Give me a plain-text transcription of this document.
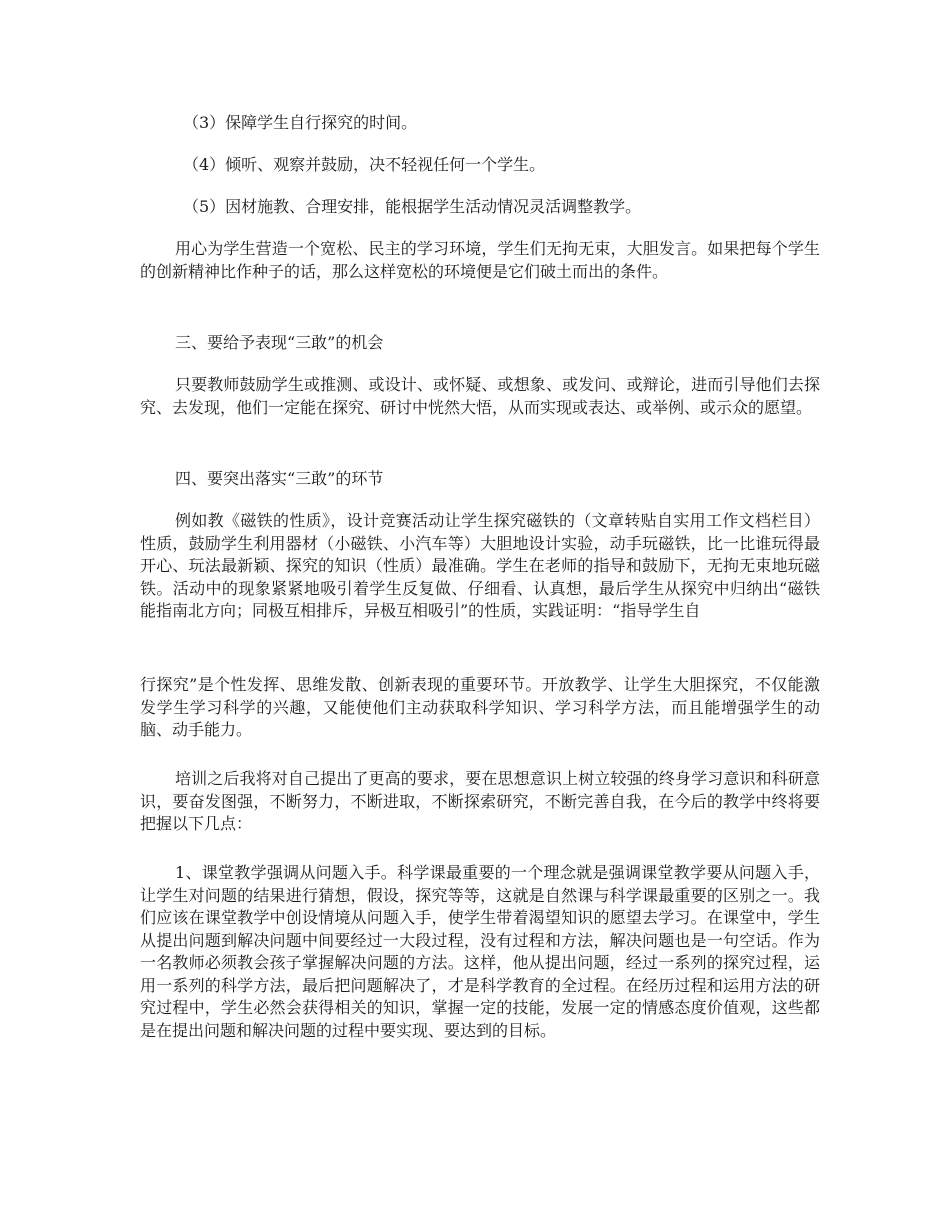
（3）保障学生自行探究的时间。

（4）倾听、观察并鼓励，决不轻视任何一个学生。

（5）因材施教、合理安排，能根据学生活动情况灵活调整教学。

用心为学生营造一个宽松、民主的学习环境，学生们无拘无束，大胆发言。如果把每个学生的创新精神比作种子的话，那么这样宽松的环境便是它们破土而出的条件。

三、要给予表现“三敢”的机会

只要教师鼓励学生或推测、或设计、或怀疑、或想象、或发问、或辩论，进而引导他们去探究、去发现，他们一定能在探究、研讨中恍然大悟，从而实现或表达、或举例、或示众的愿望。

四、要突出落实“三敢”的环节

例如教《磁铁的性质》，设计竞赛活动让学生探究磁铁的（文章转贴自实用工作文档栏目）性质，鼓励学生利用器材（小磁铁、小汽车等）大胆地设计实验，动手玩磁铁，比一比谁玩得最开心、玩法最新颖、探究的知识（性质）最准确。学生在老师的指导和鼓励下，无拘无束地玩磁铁。活动中的现象紧紧地吸引着学生反复做、仔细看、认真想，最后学生从探究中归纳出“磁铁能指南北方向；同极互相排斥，异极互相吸引”的性质，实践证明：“指导学生自

行探究”是个性发挥、思维发散、创新表现的重要环节。开放教学、让学生大胆探究，不仅能激发学生学习科学的兴趣，又能使他们主动获取科学知识、学习科学方法，而且能增强学生的动脑、动手能力。

培训之后我将对自己提出了更高的要求，要在思想意识上树立较强的终身学习意识和科研意识，要奋发图强，不断努力，不断进取，不断探索研究，不断完善自我，在今后的教学中终将要把握以下几点：

1、课堂教学强调从问题入手。科学课最重要的一个理念就是强调课堂教学要从问题入手，让学生对问题的结果进行猜想，假设，探究等等，这就是自然课与科学课最重要的区别之一。我们应该在课堂教学中创设情境从问题入手，使学生带着渴望知识的愿望去学习。在课堂中，学生从提出问题到解决问题中间要经过一大段过程，没有过程和方法，解决问题也是一句空话。作为一名教师必须教会孩子掌握解决问题的方法。这样，他从提出问题，经过一系列的探究过程，运用一系列的科学方法，最后把问题解决了，才是科学教育的全过程。在经历过程和运用方法的研究过程中，学生必然会获得相关的知识，掌握一定的技能，发展一定的情感态度价值观，这些都是在提出问题和解决问题的过程中要实现、要达到的目标。
